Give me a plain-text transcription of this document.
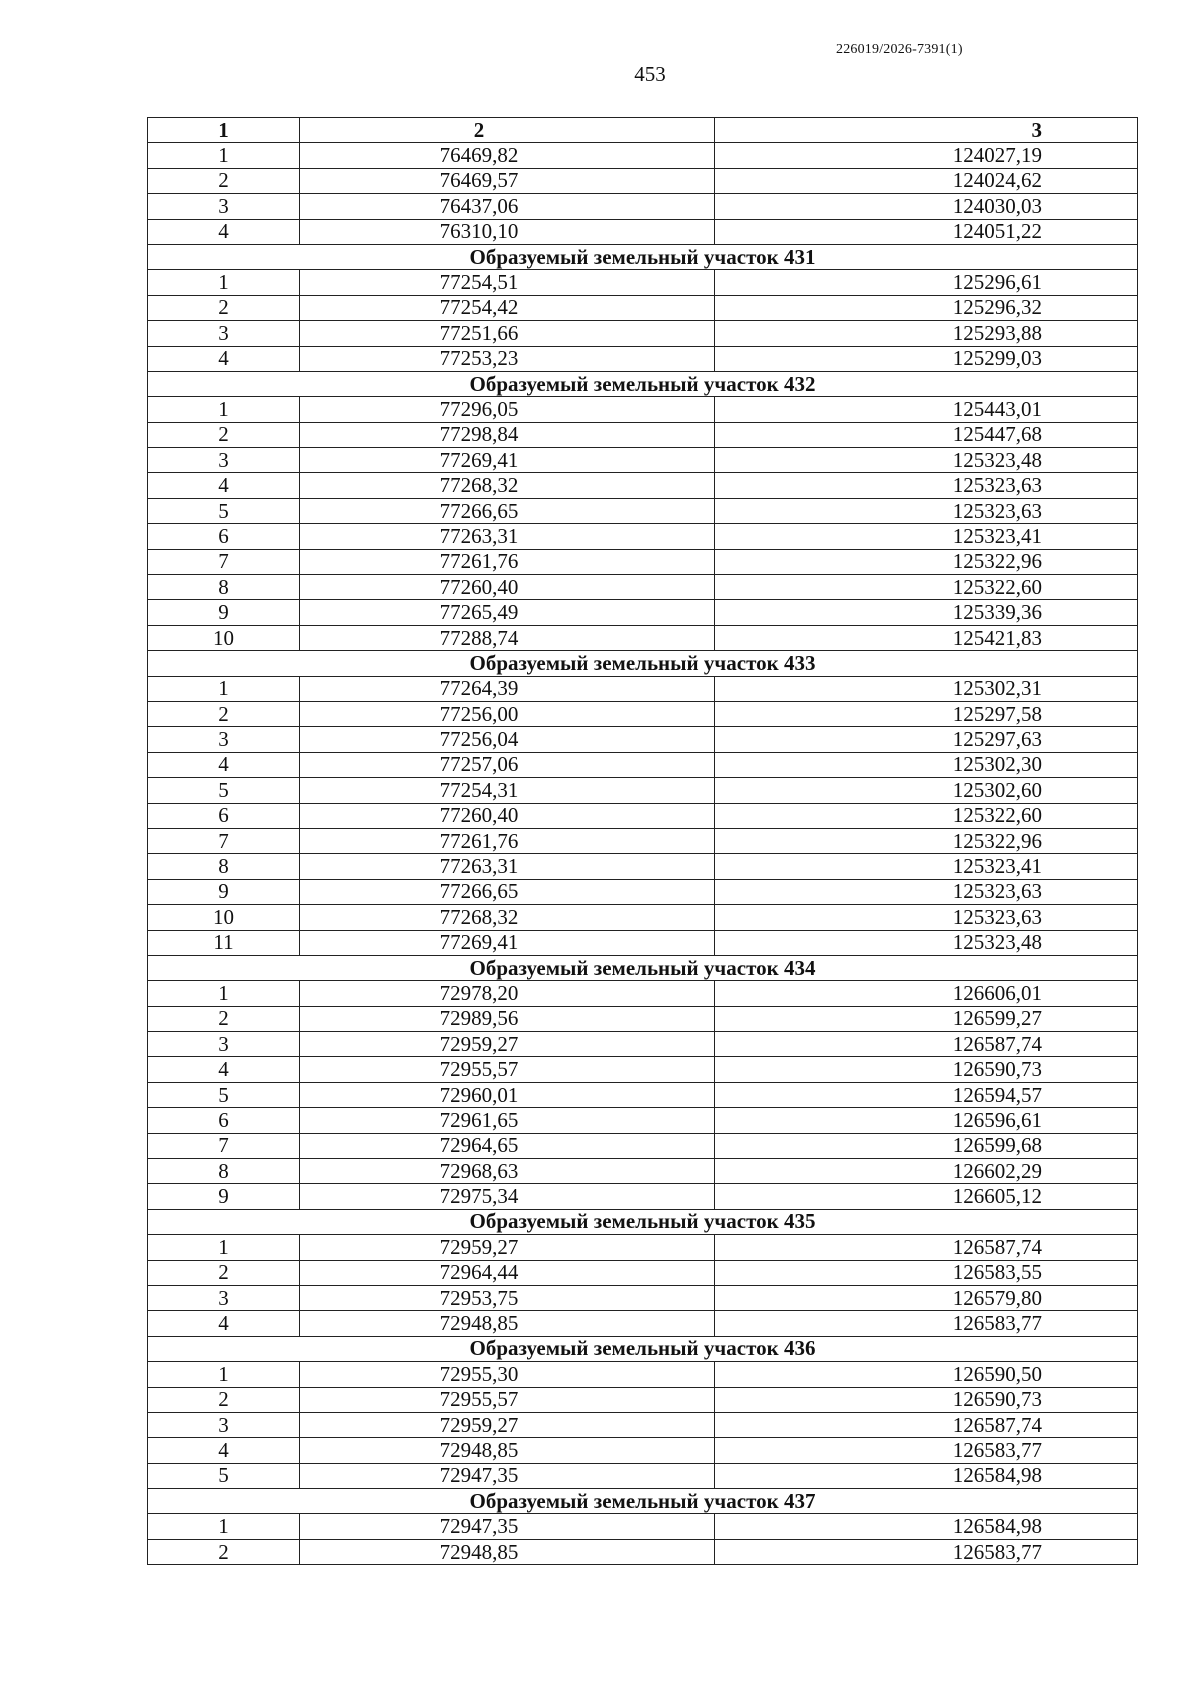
226019/2026-7391(1)
453
1	2	3
1	76469,82	124027,19
2	76469,57	124024,62
3	76437,06	124030,03
4	76310,10	124051,22
Образуемый земельный участок 431		
1	77254,51	125296,61
2	77254,42	125296,32
3	77251,66	125293,88
4	77253,23	125299,03
Образуемый земельный участок 432		
1	77296,05	125443,01
2	77298,84	125447,68
3	77269,41	125323,48
4	77268,32	125323,63
5	77266,65	125323,63
6	77263,31	125323,41
7	77261,76	125322,96
8	77260,40	125322,60
9	77265,49	125339,36
10	77288,74	125421,83
Образуемый земельный участок 433		
1	77264,39	125302,31
2	77256,00	125297,58
3	77256,04	125297,63
4	77257,06	125302,30
5	77254,31	125302,60
6	77260,40	125322,60
7	77261,76	125322,96
8	77263,31	125323,41
9	77266,65	125323,63
10	77268,32	125323,63
11	77269,41	125323,48
Образуемый земельный участок 434		
1	72978,20	126606,01
2	72989,56	126599,27
3	72959,27	126587,74
4	72955,57	126590,73
5	72960,01	126594,57
6	72961,65	126596,61
7	72964,65	126599,68
8	72968,63	126602,29
9	72975,34	126605,12
Образуемый земельный участок 435		
1	72959,27	126587,74
2	72964,44	126583,55
3	72953,75	126579,80
4	72948,85	126583,77
Образуемый земельный участок 436		
1	72955,30	126590,50
2	72955,57	126590,73
3	72959,27	126587,74
4	72948,85	126583,77
5	72947,35	126584,98
Образуемый земельный участок 437		
1	72947,35	126584,98
2	72948,85	126583,77
